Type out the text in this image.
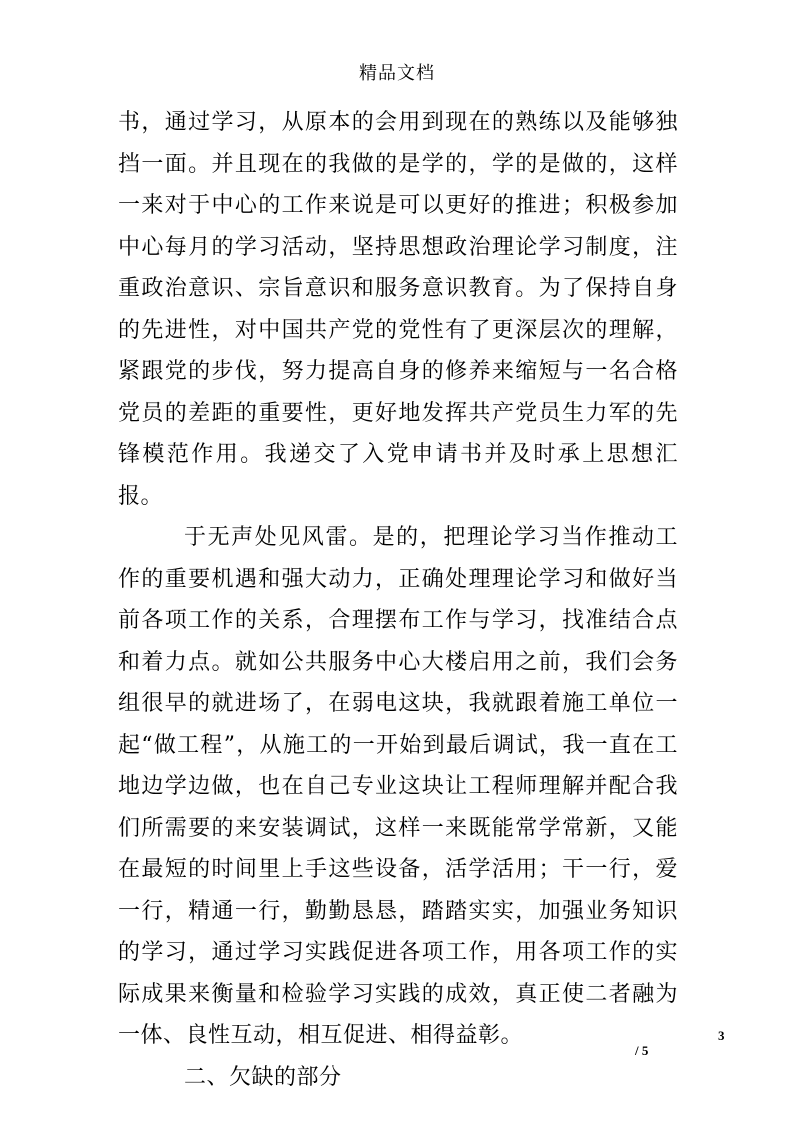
精品文档

书，通过学习，从原本的会用到现在的熟练以及能够独挡一面。并且现在的我做的是学的，学的是做的，这样一来对于中心的工作来说是可以更好的推进；积极参加中心每月的学习活动，坚持思想政治理论学习制度，注重政治意识、宗旨意识和服务意识教育。为了保持自身的先进性，对中国共产党的党性有了更深层次的理解，紧跟党的步伐，努力提高自身的修养来缩短与一名合格党员的差距的重要性，更好地发挥共产党员生力军的先锋模范作用。我递交了入党申请书并及时承上思想汇报。

于无声处见风雷。是的，把理论学习当作推动工作的重要机遇和强大动力，正确处理理论学习和做好当前各项工作的关系，合理摆布工作与学习，找准结合点和着力点。就如公共服务中心大楼启用之前，我们会务组很早的就进场了，在弱电这块，我就跟着施工单位一起“做工程”，从施工的一开始到最后调试，我一直在工地边学边做，也在自己专业这块让工程师理解并配合我们所需要的来安装调试，这样一来既能常学常新，又能在最短的时间里上手这些设备，活学活用；干一行，爱一行，精通一行，勤勤恳恳，踏踏实实，加强业务知识的学习，通过学习实践促进各项工作，用各项工作的实际成果来衡量和检验学习实践的成效，真正使二者融为一体、良性互动，相互促进、相得益彰。

二、欠缺的部分

3
/ 5
